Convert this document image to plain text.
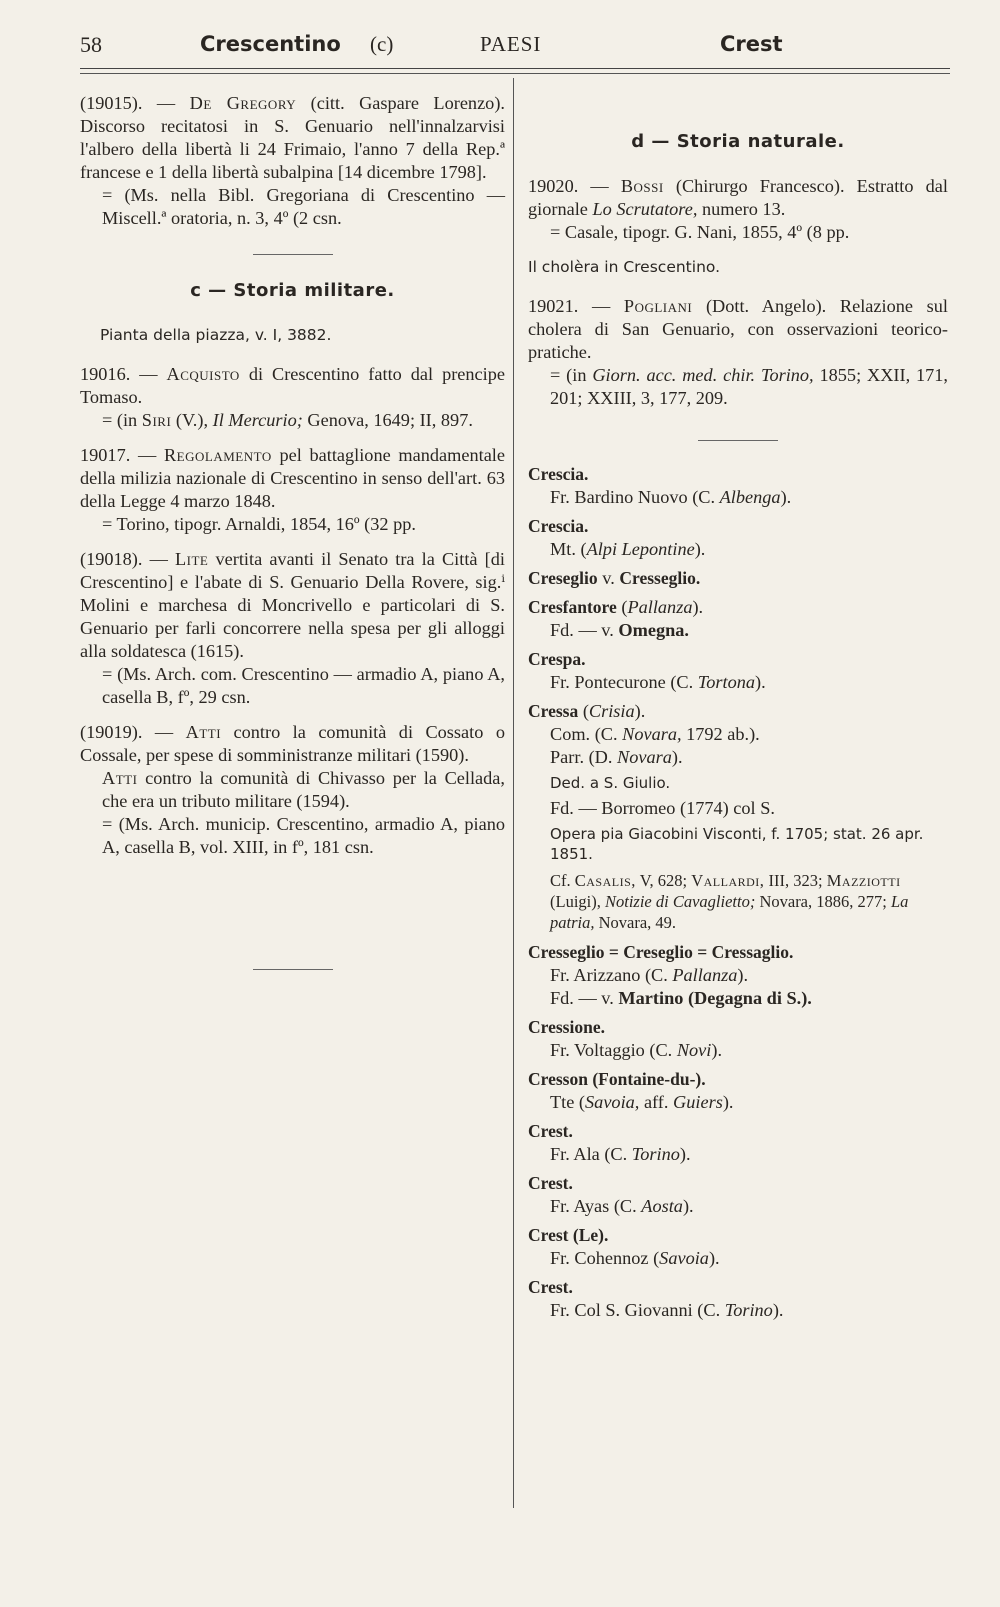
58	Crescentino (c)	PAESI	Crest

(19015). — De Gregory (citt. Gaspare Lorenzo). Discorso recitatosi in S. Genuario nell'innalzarvisi l'albero della libertà li 24 Frimaio, l'anno 7 della Rep.ª francese e 1 della libertà subalpina [14 dicembre 1798].

= (Ms. nella Bibl. Gregoriana di Crescentino — Miscell.ª oratoria, n. 3, 4º (2 csn.

c — Storia militare.
Pianta della piazza, v. I, 3882.

19016. — Acquisto di Crescentino fatto dal prencipe Tomaso.

= (in Siri (V.), Il Mercurio; Genova, 1649; II, 897.

19017. — Regolamento pel battaglione mandamentale della milizia nazionale di Crescentino in senso dell'art. 63 della Legge 4 marzo 1848.

= Torino, tipogr. Arnaldi, 1854, 16º (32 pp.

(19018). — Lite vertita avanti il Senato tra la Città [di Crescentino] e l'abate di S. Genuario Della Rovere, sig.ⁱ Molini e marchesa di Moncrivello e particolari di S. Genuario per farli concorrere nella spesa per gli alloggi alla soldatesca (1615).

= (Ms. Arch. com. Crescentino — armadio A, piano A, casella B, fº, 29 csn.

(19019). — Atti contro la comunità di Cossato o Cossale, per spese di somministranze militari (1590).

Atti contro la comunità di Chivasso per la Cellada, che era un tributo militare (1594).

= (Ms. Arch. municip. Crescentino, armadio A, piano A, casella B, vol. XIII, in fº, 181 csn.

d — Storia naturale.

19020. — Bossi (Chirurgo Francesco). Estratto dal giornale Lo Scrutatore, numero 13.

= Casale, tipogr. G. Nani, 1855, 4º (8 pp.

Il cholèra in Crescentino.

19021. — Pogliani (Dott. Angelo). Relazione sul cholera di San Genuario, con osservazioni teorico-pratiche.

= (in Giorn. acc. med. chir. Torino, 1855; XXII, 171, 201; XXIII, 3, 177, 209.

Crescia.
Fr. Bardino Nuovo (C. Albenga).
Crescia.
Mt. (Alpi Lepontine).
Creseglio v. Cresseglio.
Cresfantore (Pallanza).
Fd. — v. Omegna.
Crespa.
Fr. Pontecurone (C. Tortona).
Cressa (Crisia).
Com. (C. Novara, 1792 ab.).
Parr. (D. Novara).
Ded. a S. Giulio.
Fd. — Borromeo (1774) col S.
Opera pia Giacobini Visconti, f. 1705; stat. 26 apr. 1851.
Cf. Casalis, V, 628; Vallardi, III, 323; Mazziotti (Luigi), Notizie di Cavaglietto; Novara, 1886, 277; La patria, Novara, 49.
Cresseglio = Creseglio = Cressaglio.
Fr. Arizzano (C. Pallanza).
Fd. — v. Martino (Degagna di S.).
Cressione.
Fr. Voltaggio (C. Novi).
Cresson (Fontaine-du-).
Tte (Savoia, aff. Guiers).
Crest.
Fr. Ala (C. Torino).
Crest.
Fr. Ayas (C. Aosta).
Crest (Le).
Fr. Cohennoz (Savoia).
Crest.
Fr. Col S. Giovanni (C. Torino).
